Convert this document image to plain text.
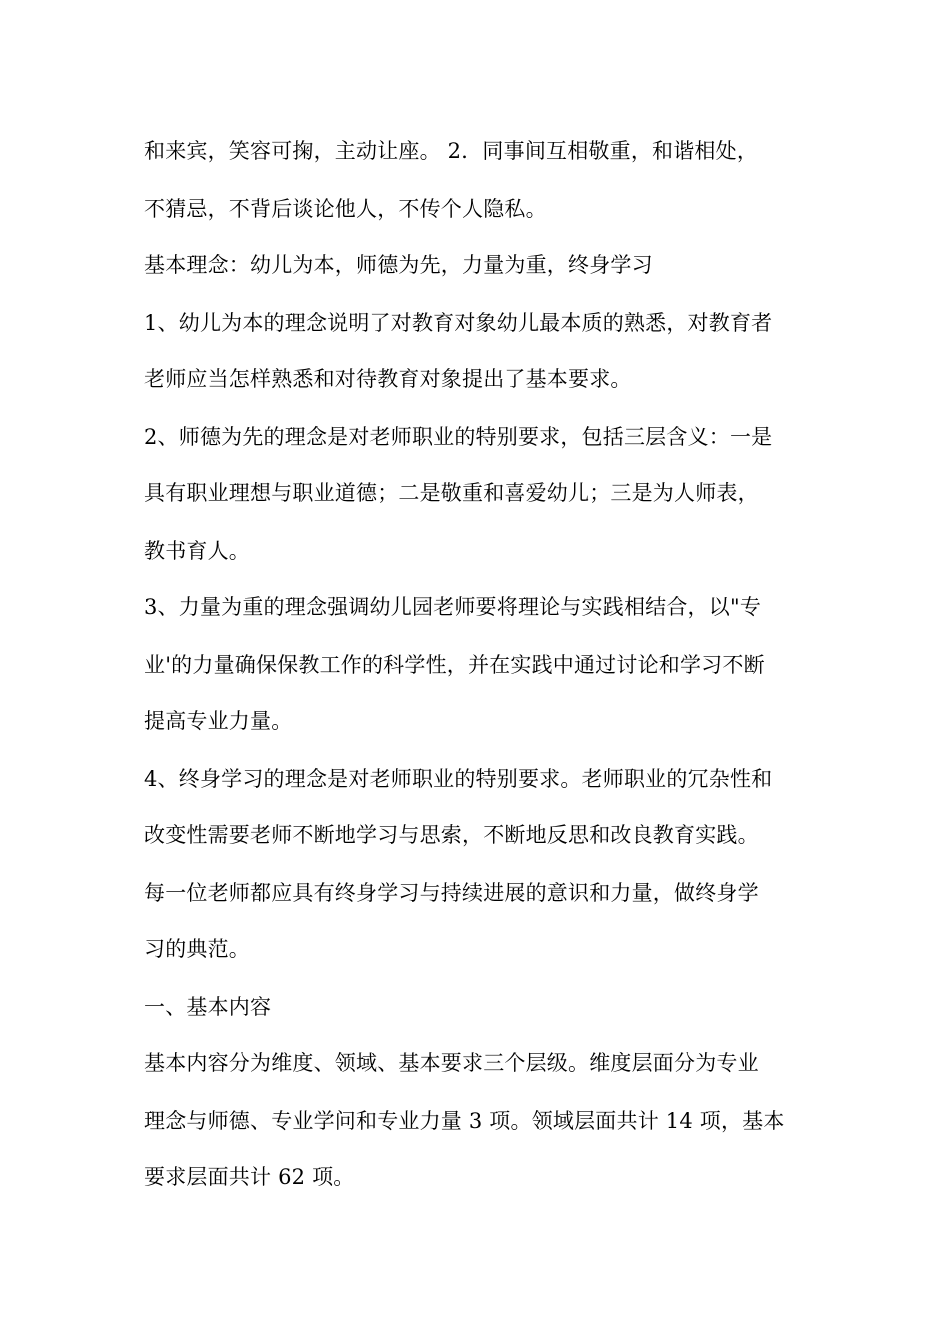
和来宾，笑容可掬，主动让座。 2．同事间互相敬重，和谐相处，
不猜忌，不背后谈论他人，不传个人隐私。
基本理念：幼儿为本，师德为先，力量为重，终身学习
1、幼儿为本的理念说明了对教育对象幼儿最本质的熟悉，对教育者
老师应当怎样熟悉和对待教育对象提出了基本要求。
2、师德为先的理念是对老师职业的特别要求，包括三层含义：一是
具有职业理想与职业道德；二是敬重和喜爱幼儿；三是为人师表，
教书育人。
3、力量为重的理念强调幼儿园老师要将理论与实践相结合，以"专
业'的力量确保保教工作的科学性，并在实践中通过讨论和学习不断
提高专业力量。
4、终身学习的理念是对老师职业的特别要求。老师职业的冗杂性和
改变性需要老师不断地学习与思索，不断地反思和改良教育实践。
每一位老师都应具有终身学习与持续进展的意识和力量，做终身学
习的典范。
一、基本内容
基本内容分为维度、领域、基本要求三个层级。维度层面分为专业
理念与师德、专业学问和专业力量 3 项。领域层面共计 14 项，基本
要求层面共计 62 项。
